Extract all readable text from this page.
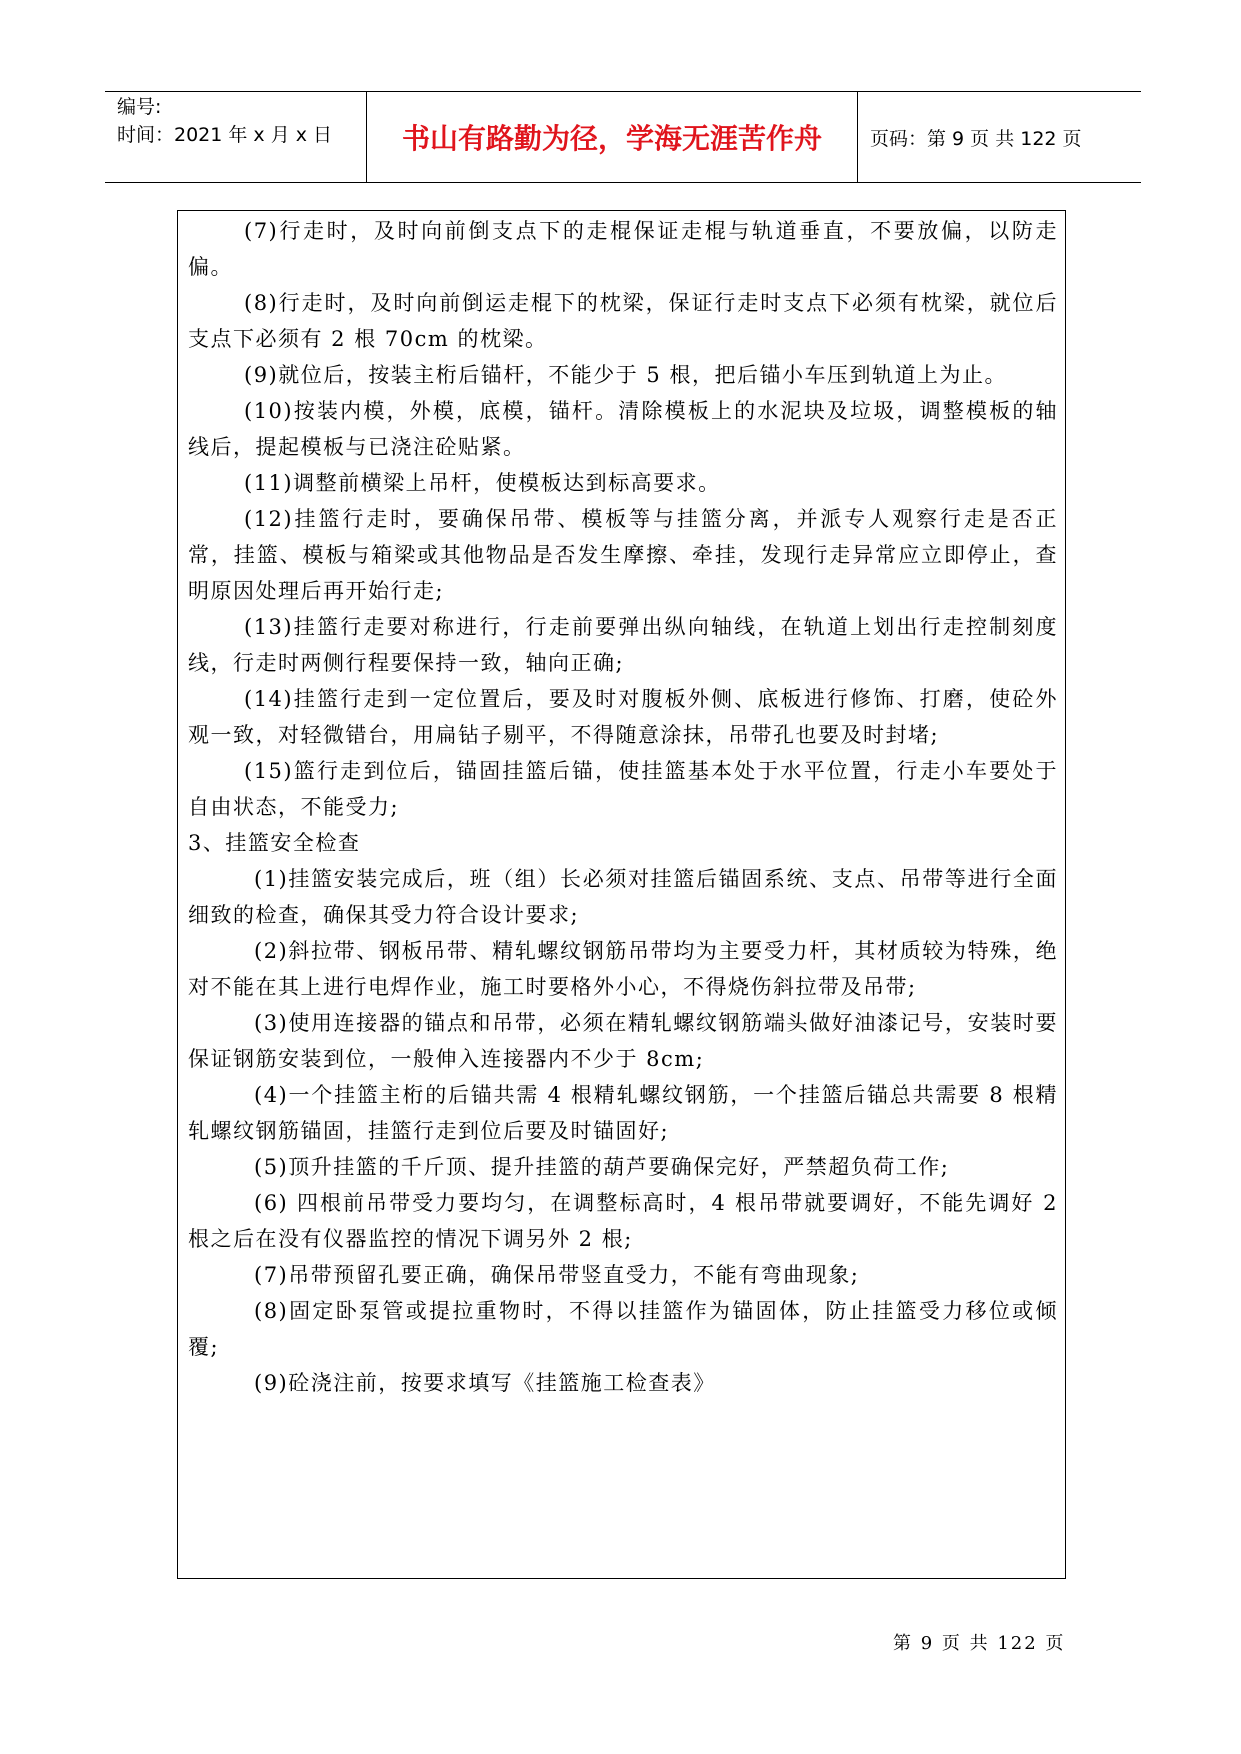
编号:
时间：2021 年 x 月 x 日	书山有路勤为径，学海无涯苦作舟	页码：第 9 页 共 122 页

(7)行走时，及时向前倒支点下的走棍保证走棍与轨道垂直，不要放偏，以防走偏。

(8)行走时，及时向前倒运走棍下的枕梁，保证行走时支点下必须有枕梁，就位后支点下必须有 2 根 70cm 的枕梁。

(9)就位后，按装主桁后锚杆，不能少于 5 根，把后锚小车压到轨道上为止。

(10)按装内模，外模，底模，锚杆。清除模板上的水泥块及垃圾，调整模板的轴线后，提起模板与已浇注砼贴紧。

(11)调整前横梁上吊杆，使模板达到标高要求。

(12)挂篮行走时，要确保吊带、模板等与挂篮分离，并派专人观察行走是否正常，挂篮、模板与箱梁或其他物品是否发生摩擦、牵挂，发现行走异常应立即停止，查明原因处理后再开始行走;

(13)挂篮行走要对称进行，行走前要弹出纵向轴线，在轨道上划出行走控制刻度线，行走时两侧行程要保持一致，轴向正确;

(14)挂篮行走到一定位置后，要及时对腹板外侧、底板进行修饰、打磨，使砼外观一致，对轻微错台，用扁钻子剔平，不得随意涂抹，吊带孔也要及时封堵;

(15)篮行走到位后，锚固挂篮后锚，使挂篮基本处于水平位置，行走小车要处于自由状态，不能受力;

3、挂篮安全检查

(1)挂篮安装完成后，班（组）长必须对挂篮后锚固系统、支点、吊带等进行全面细致的检查，确保其受力符合设计要求;

(2)斜拉带、钢板吊带、精轧螺纹钢筋吊带均为主要受力杆，其材质较为特殊，绝对不能在其上进行电焊作业，施工时要格外小心，不得烧伤斜拉带及吊带;

(3)使用连接器的锚点和吊带，必须在精轧螺纹钢筋端头做好油漆记号，安装时要保证钢筋安装到位，一般伸入连接器内不少于 8cm;

(4)一个挂篮主桁的后锚共需 4 根精轧螺纹钢筋，一个挂篮后锚总共需要 8 根精轧螺纹钢筋锚固，挂篮行走到位后要及时锚固好;

(5)顶升挂篮的千斤顶、提升挂篮的葫芦要确保完好，严禁超负荷工作;

(6) 四根前吊带受力要均匀，在调整标高时，4 根吊带就要调好，不能先调好 2 根之后在没有仪器监控的情况下调另外 2 根;

(7)吊带预留孔要正确，确保吊带竖直受力，不能有弯曲现象;

(8)固定卧泵管或提拉重物时，不得以挂篮作为锚固体，防止挂篮受力移位或倾覆;

(9)砼浇注前，按要求填写《挂篮施工检查表》

第 9 页 共 122 页
